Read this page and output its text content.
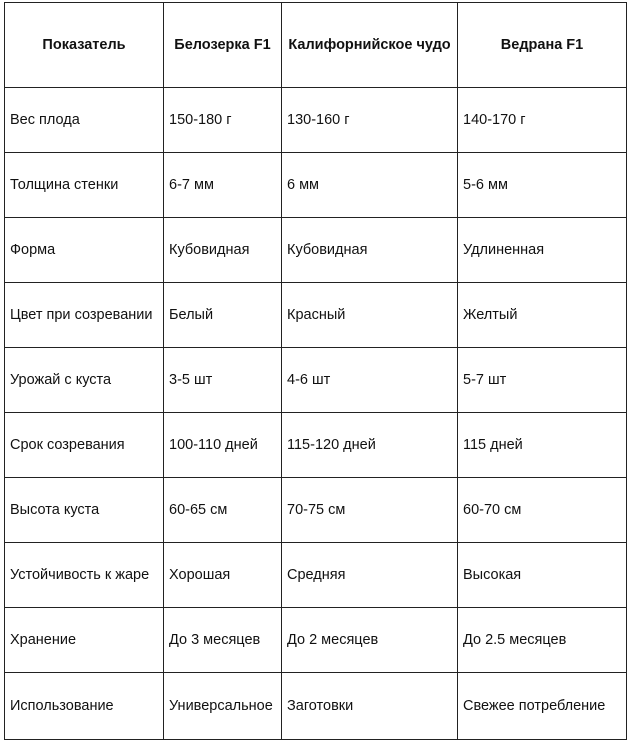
Показатель	Белозерка F1	Калифорнийское чудо	Ведрана F1
Вес плода	150-180 г	130-160 г	140-170 г
Толщина стенки	6-7 мм	6 мм	5-6 мм
Форма	Кубовидная	Кубовидная	Удлиненная
Цвет при созревании	Белый	Красный	Желтый
Урожай с куста	3-5 шт	4-6 шт	5-7 шт
Срок созревания	100-110 дней	115-120 дней	115 дней
Высота куста	60-65 см	70-75 см	60-70 см
Устойчивость к жаре	Хорошая	Средняя	Высокая
Хранение	До 3 месяцев	До 2 месяцев	До 2.5 месяцев
Использование	Универсальное	Заготовки	Свежее потребление
